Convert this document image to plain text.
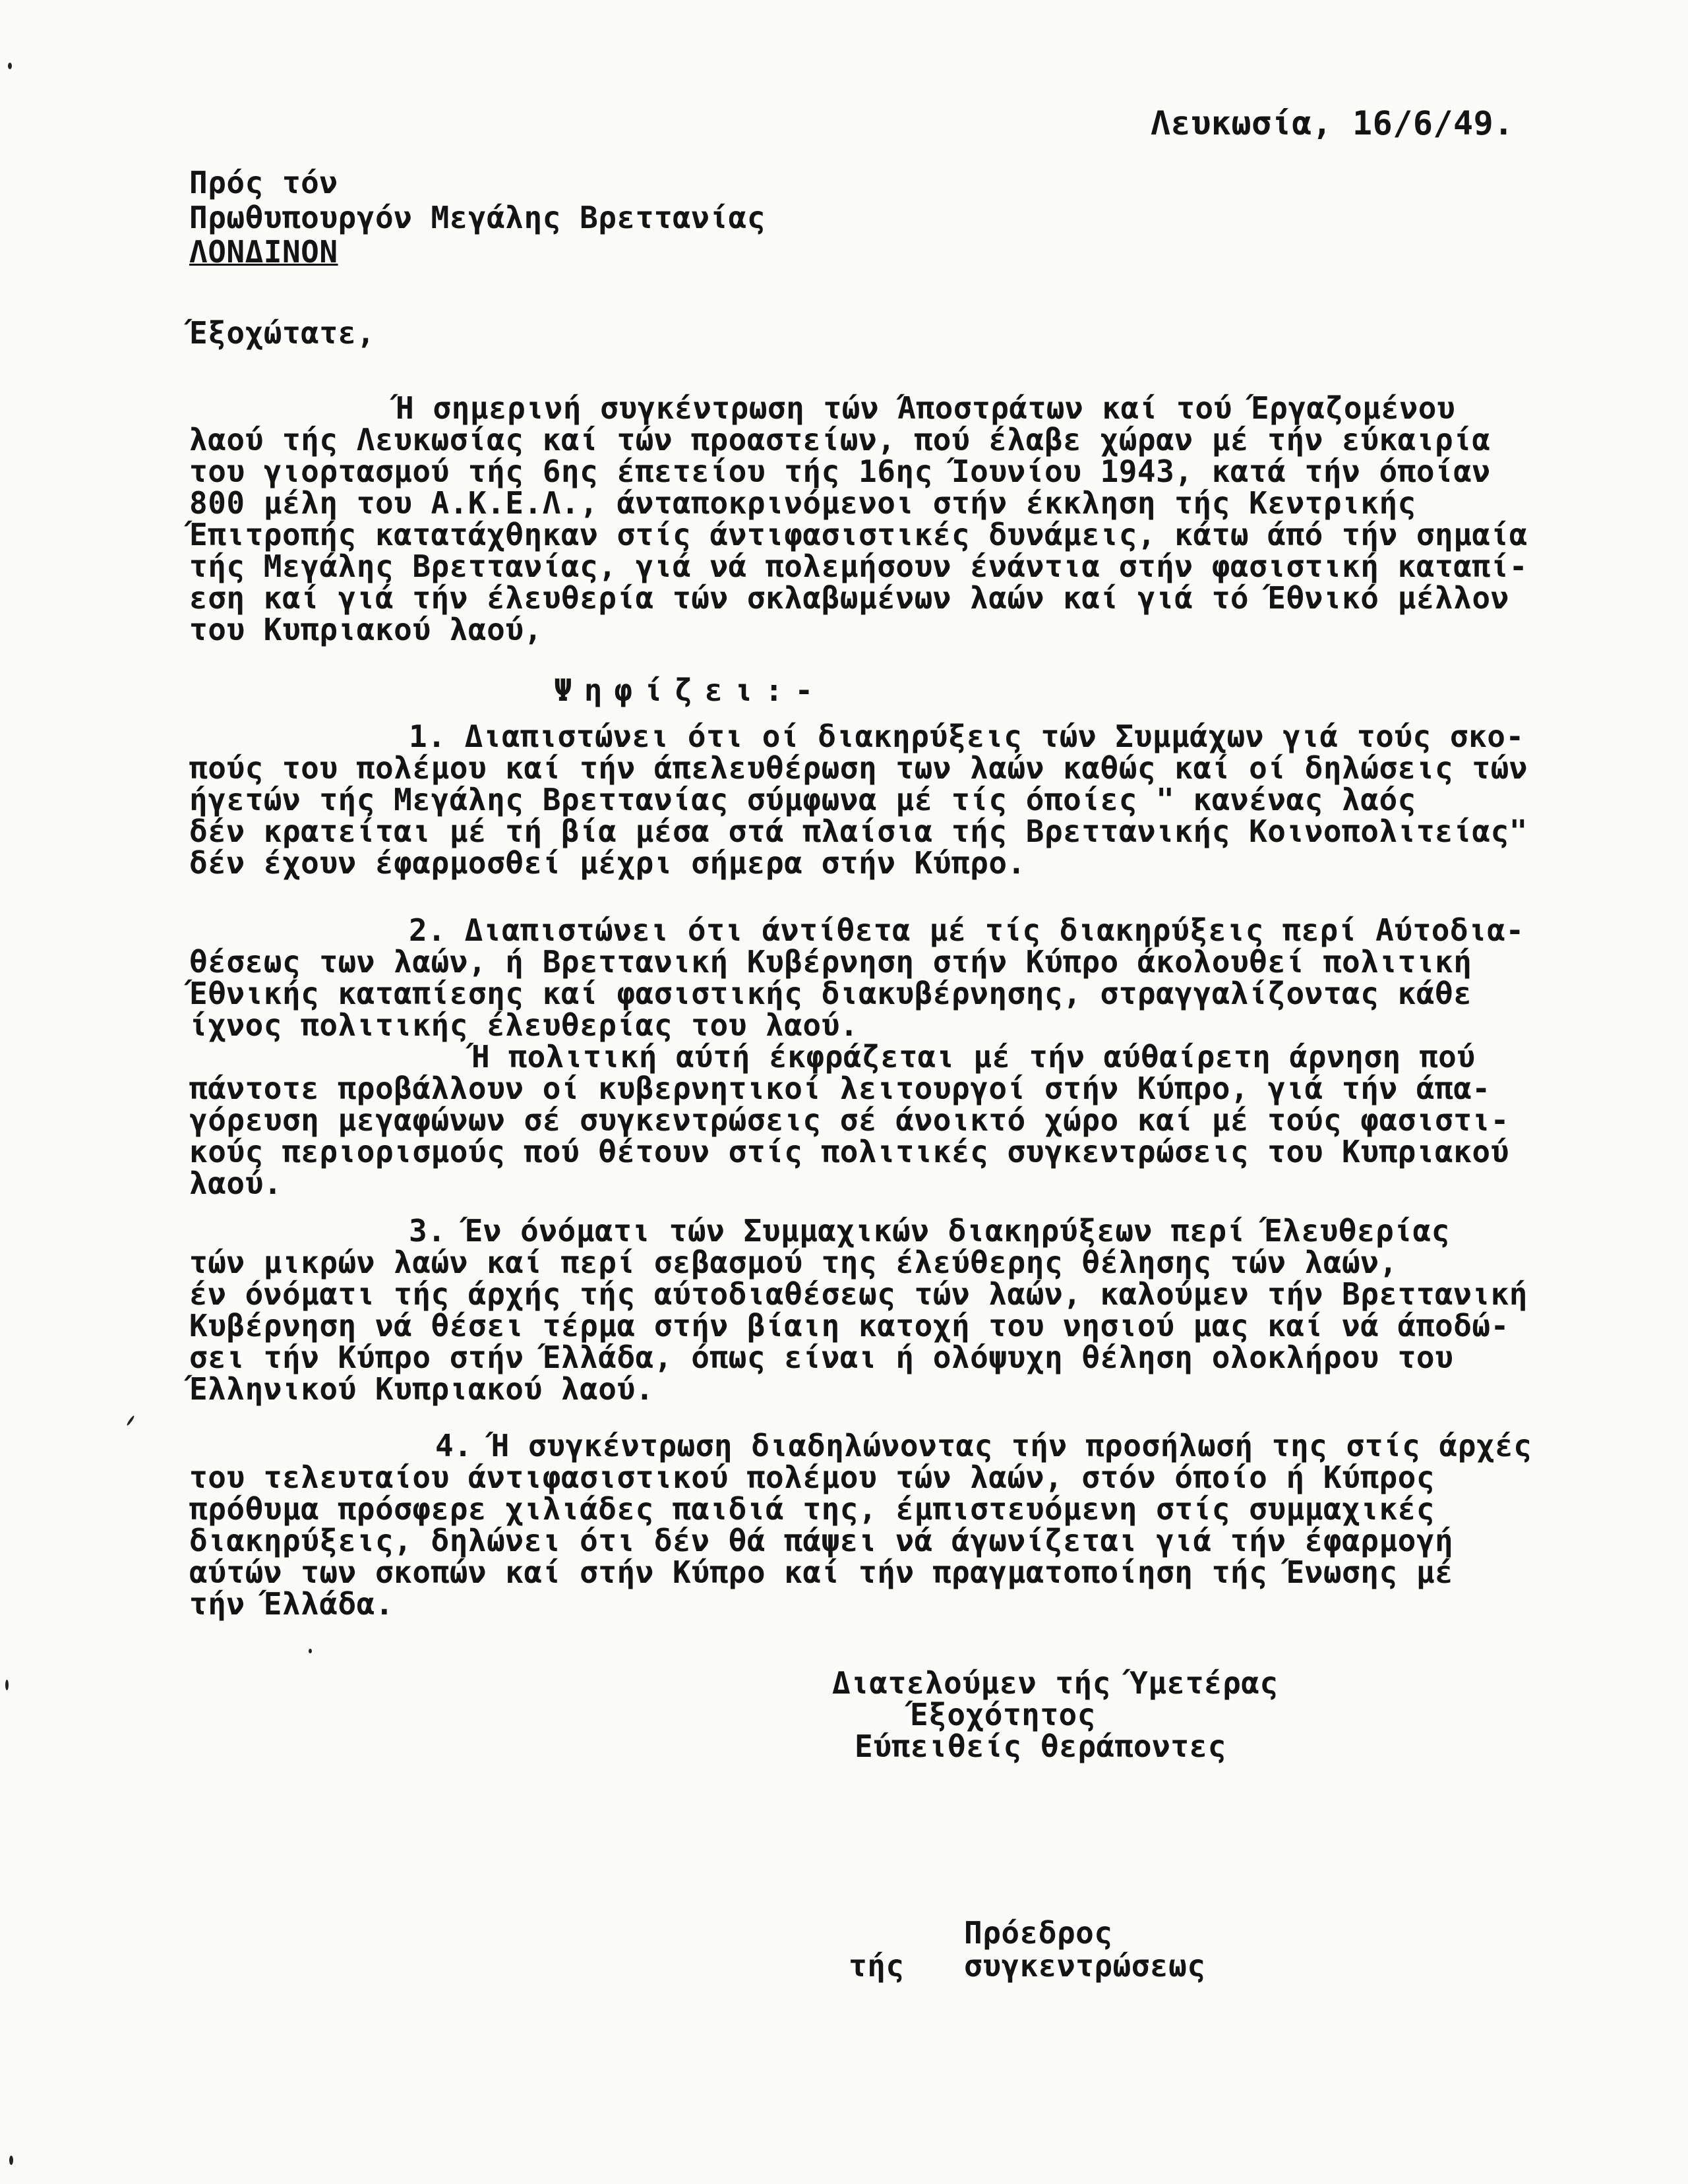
Λευκωσία, 16/6/49.
Πρός τόν
Πρωθυπουργόν Μεγάλης Βρεττανίας
ΛΟΝΔΙΝΟΝ
Έξοχώτατε,
Ή σημερινή συγκέντρωση τών Άποστράτων καί τού Έργαζομένου
λαού τής Λευκωσίας καί τών προαστείων, πού έλαβε χώραν μέ τήν εύκαιρία
του γιορτασμού τής 6ης έπετείου τής 16ης Ίουνίου 1943, κατά τήν όποίαν
800 μέλη του Α.Κ.Ε.Λ., άνταποκρινόμενοι στήν έκκληση τής Κεντρικής
Έπιτροπής κατατάχθηκαν στίς άντιφασιστικές δυνάμεις, κάτω άπό τήν σημαία
τής Μεγάλης Βρεττανίας, γιά νά πολεμήσουν ένάντια στήν φασιστική καταπί-
εση καί γιά τήν έλευθερία τών σκλαβωμένων λαών καί γιά τό Έθνικό μέλλον
του Κυπριακού λαού,
Ψηφίζει:-
1. Διαπιστώνει ότι οί διακηρύξεις τών Συμμάχων γιά τούς σκο-
πούς του πολέμου καί τήν άπελευθέρωση των λαών καθώς καί οί δηλώσεις τών
ήγετών τής Μεγάλης Βρεττανίας σύμφωνα μέ τίς όποίες " κανένας λαός
δέν κρατείται μέ τή βία μέσα στά πλαίσια τής Βρεττανικής Κοινοπολιτείας"
δέν έχουν έφαρμοσθεί μέχρι σήμερα στήν Κύπρο.
2. Διαπιστώνει ότι άντίθετα μέ τίς διακηρύξεις περί Αύτοδια-
θέσεως των λαών, ή Βρεττανική Κυβέρνηση στήν Κύπρο άκολουθεί πολιτική
Έθνικής καταπίεσης καί φασιστικής διακυβέρνησης, στραγγαλίζοντας κάθε
ίχνος πολιτικής έλευθερίας του λαού.
Ή πολιτική αύτή έκφράζεται μέ τήν αύθαίρετη άρνηση πού
πάντοτε προβάλλουν οί κυβερνητικοί λειτουργοί στήν Κύπρο, γιά τήν άπα-
γόρευση μεγαφώνων σέ συγκεντρώσεις σέ άνοικτό χώρο καί μέ τούς φασιστι-
κούς περιορισμούς πού θέτουν στίς πολιτικές συγκεντρώσεις του Κυπριακού
λαού.
3. Έν όνόματι τών Συμμαχικών διακηρύξεων περί Έλευθερίας
τών μικρών λαών καί περί σεβασμού της έλεύθερης θέλησης τών λαών,
έν όνόματι τής άρχής τής αύτοδιαθέσεως τών λαών, καλούμεν τήν Βρεττανική
Κυβέρνηση νά θέσει τέρμα στήν βίαιη κατοχή του νησιού μας καί νά άποδώ-
σει τήν Κύπρο στήν Έλλάδα, όπως είναι ή ολόψυχη θέληση ολοκλήρου του
Έλληνικού Κυπριακού λαού.
4. Ή συγκέντρωση διαδηλώνοντας τήν προσήλωσή της στίς άρχές
του τελευταίου άντιφασιστικού πολέμου τών λαών, στόν όποίο ή Κύπρος
πρόθυμα πρόσφερε χιλιάδες παιδιά της, έμπιστευόμενη στίς συμμαχικές
διακηρύξεις, δηλώνει ότι δέν θά πάψει νά άγωνίζεται γιά τήν έφαρμογή
αύτών των σκοπών καί στήν Κύπρο καί τήν πραγματοποίηση τής Ένωσης μέ
τήν Έλλάδα.
Διατελούμεν τής Ύμετέρας
Έξοχότητος
Εύπειθείς θεράποντες
Πρόεδρος
τής συγκεντρώσεως
